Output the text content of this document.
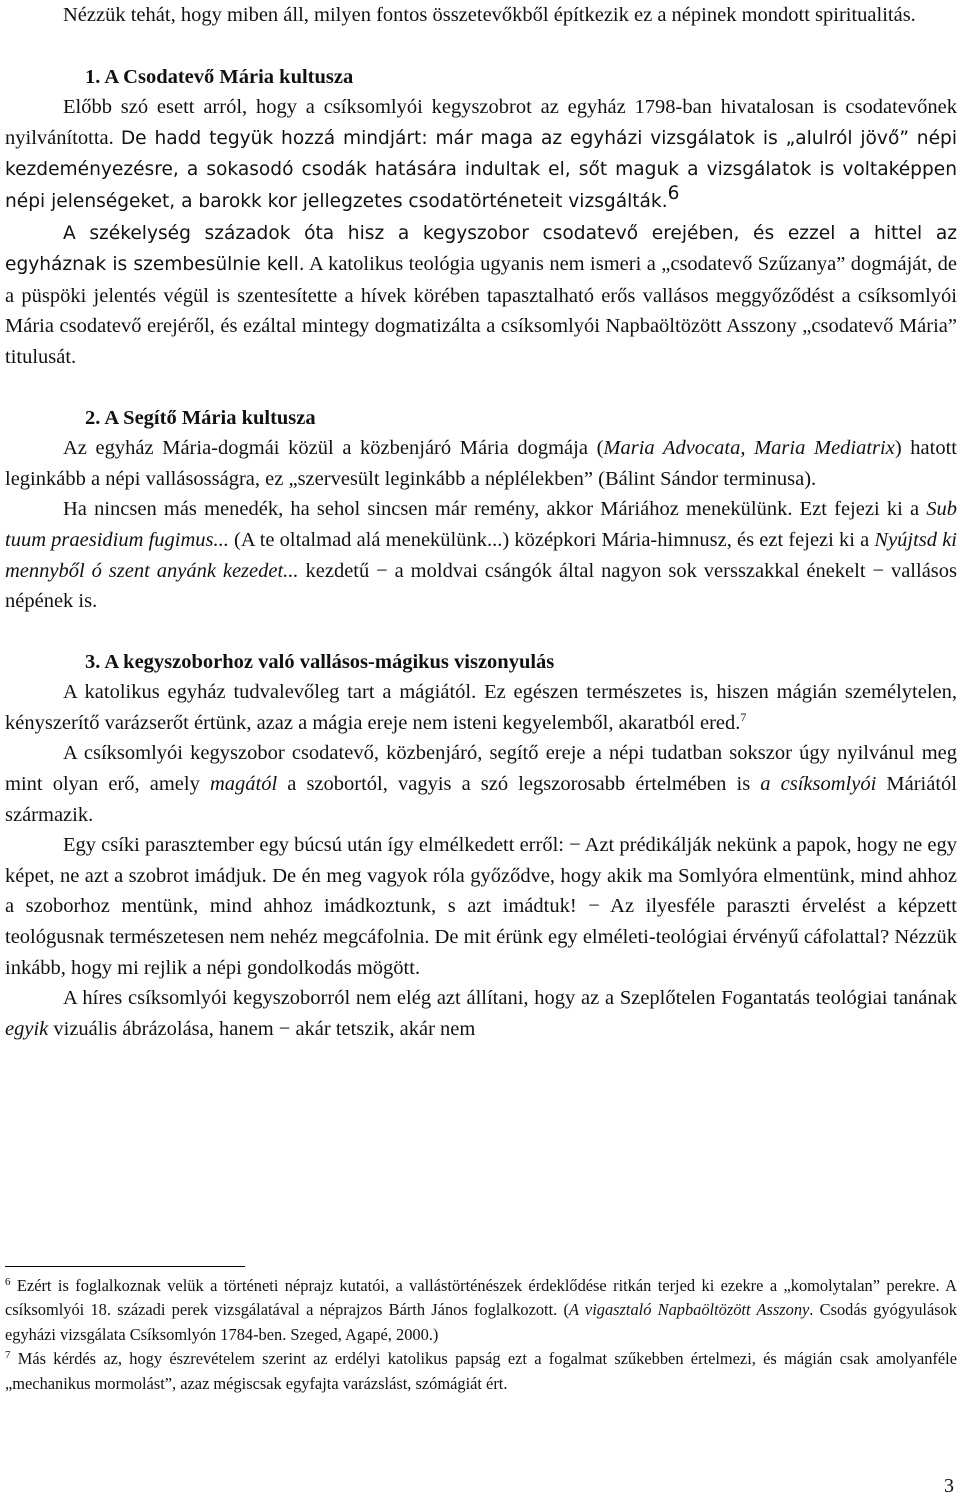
Nézzük tehát, hogy miben áll, milyen fontos összetevőkből építkezik ez a népinek mondott spiritualitás.

1. A Csodatevő Mária kultusza

Előbb szó esett arról, hogy a csíksomlyói kegyszobrot az egyház 1798-ban hivatalosan is csodatevőnek nyilvánította. De hadd tegyük hozzá mindjárt: már maga az egyházi vizsgálatok is „alulról jövő” népi kezdeményezésre, a sokasodó csodák hatására indultak el, sőt maguk a vizsgálatok is voltaképpen népi jelenségeket, a barokk kor jellegzetes csodatörténeteit vizsgálták.$^6$

A székelység századok óta hisz a kegyszobor csodatevő erejében, és ezzel a hittel az egyháznak is szembesülnie kell. A katolikus teológia ugyanis nem ismeri a „csodatevő Szűzanya” dogmáját, de a püspöki jelentés végül is szentesítette a hívek körében tapasztalható erős vallásos meggyőződést a csíksomlyói Mária csodatevő erejéről, és ezáltal mintegy dogmatizálta a csíksomlyói Napbaöltözött Asszony „csodatevő Mária” titulusát.

2. A Segítő Mária kultusza

Az egyház Mária-dogmái közül a közbenjáró Mária dogmája (Maria Advocata, Maria Mediatrix) hatott leginkább a népi vallásosságra, ez „szervesült leginkább a néplélekben” (Bálint Sándor terminusa).

Ha nincsen más menedék, ha sehol sincsen már remény, akkor Máriához menekülünk. Ezt fejezi ki a Sub tuum praesidium fugimus... (A te oltalmad alá menekülünk...) középkori Mária-himnusz, és ezt fejezi ki a Nyújtsd ki mennyből ó szent anyánk kezedet... kezdetű − a moldvai csángók által nagyon sok versszakkal énekelt − vallásos népének is.

3. A kegyszoborhoz való vallásos-mágikus viszonyulás

A katolikus egyház tudvalevőleg tart a mágiától. Ez egészen természetes is, hiszen mágián személytelen, kényszerítő varázserőt értünk, azaz a mágia ereje nem isteni kegyelemből, akaratból ered.$^7$

A csíksomlyói kegyszobor csodatevő, közbenjáró, segítő ereje a népi tudatban sokszor úgy nyilvánul meg mint olyan erő, amely magától a szobortól, vagyis a szó legszorosabb értelmében is a csíksomlyói Máriától származik.

Egy csíki parasztember egy búcsú után így elmélkedett erről: − Azt prédikálják nekünk a papok, hogy ne egy képet, ne azt a szobrot imádjuk. De én meg vagyok róla győződve, hogy akik ma Somlyóra elmentünk, mind ahhoz a szoborhoz mentünk, mind ahhoz imádkoztunk, s azt imádtuk! − Az ilyesféle paraszti érvelést a képzett teológusnak természetesen nem nehéz megcáfolnia. De mit érünk egy elméleti-teológiai érvényű cáfolattal? Nézzük inkább, hogy mi rejlik a népi gondolkodás mögött.

A híres csíksomlyói kegyszoborról nem elég azt állítani, hogy az a Szeplőtelen Fogantatás teológiai tanának egyik vizuális ábrázolása, hanem − akár tetszik, akár nem

$^6$ Ezért is foglalkoznak velük a történeti néprajz kutatói, a vallástörténészek érdeklődése ritkán terjed ki ezekre a „komolytalan” perekre. A csíksomlyói 18. századi perek vizsgálatával a néprajzos Bárth János foglalkozott. (A vigasztaló Napbaöltözött Asszony. Csodás gyógyulások egyházi vizsgálata Csíksomlyón 1784-ben. Szeged, Agapé, 2000.)

$^7$ Más kérdés az, hogy észrevételem szerint az erdélyi katolikus papság ezt a fogalmat szűkebben értelmezi, és mágián csak amolyanféle „mechanikus mormolást”, azaz mégiscsak egyfajta varázslást, szómágiát ért.

3
